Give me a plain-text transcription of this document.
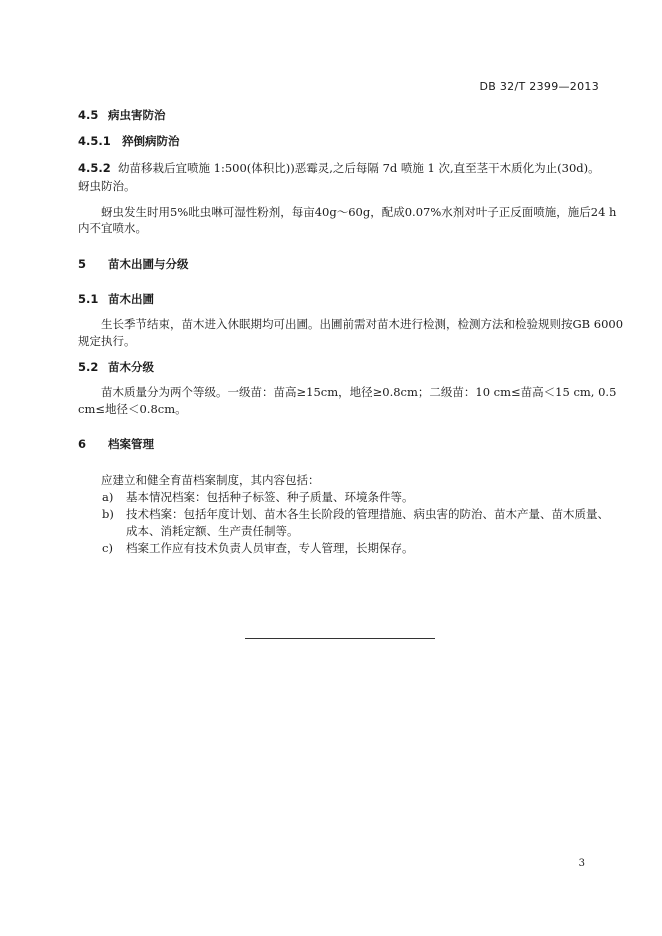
DB 32/T 2399—2013
4.5 病虫害防治
4.5.1 猝倒病防治
4.5.2 幼苗移栽后宜喷施 1:500(体积比))恶霉灵,之后每隔 7d 喷施 1 次,直至茎干木质化为止(30d)。
蚜虫防治。
蚜虫发生时用5%吡虫啉可湿性粉剂，每亩40g～60g，配成0.07%水剂对叶子正反面喷施，施后24 h
内不宜喷水。
5 苗木出圃与分级
5.1 苗木出圃
生长季节结束，苗木进入休眠期均可出圃。出圃前需对苗木进行检测，检测方法和检验规则按GB 6000
规定执行。
5.2 苗木分级
苗木质量分为两个等级。一级苗：苗高≥15cm，地径≥0.8cm；二级苗：10 cm≤苗高＜15 cm, 0.5
cm≤地径＜0.8cm。
6 档案管理
应建立和健全育苗档案制度，其内容包括：
a) 基本情况档案：包括种子标签、种子质量、环境条件等。
b) 技术档案：包括年度计划、苗木各生长阶段的管理措施、病虫害的防治、苗木产量、苗木质量、
成本、消耗定额、生产责任制等。
c) 档案工作应有技术负责人员审查，专人管理，长期保存。
3
